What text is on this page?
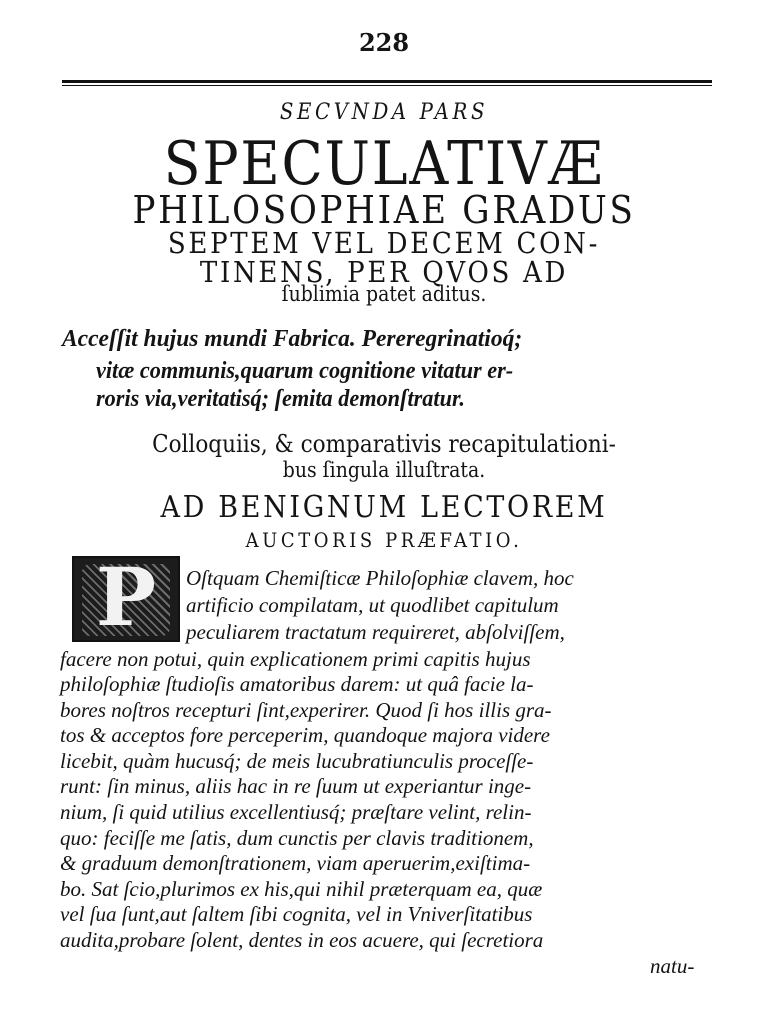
228
SECVNDA PARS
SPECULATIVÆ
PHILOSOPHIAE GRADUS
SEPTEM VEL DECEM CON-
TINENS, PER QVOS AD
ſublimia patet aditus.
Acceſſit hujus mundi Fabrica. Pereregrinatioq́;
vitæ communis,quarum cognitione vitatur er-
roris via,veritatisq́; ſemita demonſtratur.
Colloquiis, & comparativis recapitulationi-
bus ſingula illuſtrata.
AD BENIGNUM LECTOREM
AUCTORIS PRÆFATIO.
P	Oſtquam Chemiſticæ Philoſophiæ clavem, hoc
artificio compilatam, ut quodlibet capitulum
peculiarem tractatum requireret, abſolviſſem,
facere non potui, quin explicationem primi capitis hujus
philoſophiæ ſtudioſis amatoribus darem: ut quâ facie la-
bores noſtros recepturi ſint,experirer. Quod ſi hos illis gra-
tos & acceptos fore perceperim, quandoque majora videre
licebit, quàm hucusq́; de meis lucubratiunculis proceſſe-
runt: ſin minus, aliis hac in re ſuum ut experiantur inge-
nium, ſi quid utilius excellentiusq́; præſtare velint, relin-
quo: feciſſe me ſatis, dum cunctis per clavis traditionem,
& graduum demonſtrationem, viam aperuerim,exiſtima-
bo. Sat ſcio,plurimos ex his,qui nihil præterquam ea, quæ
vel ſua ſunt,aut ſaltem ſibi cognita, vel in Vniverſitatibus
audita,probare ſolent, dentes in eos acuere, qui ſecretiora
natu-
